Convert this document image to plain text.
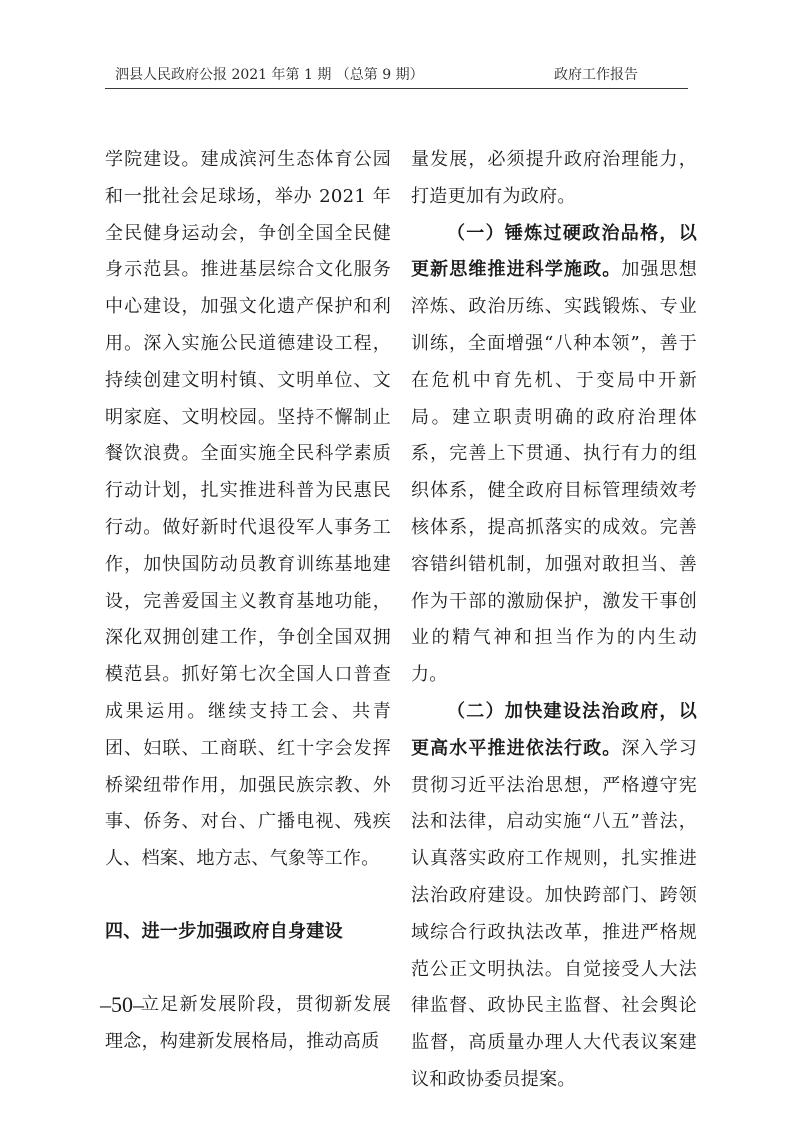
泗县人民政府公报 2021 年第 1 期 （总第 9 期）	政府工作报告

学院建设。建成滨河生态体育公园和一批社会足球场，举办 2021 年全民健身运动会，争创全国全民健身示范县。推进基层综合文化服务中心建设，加强文化遗产保护和利用。深入实施公民道德建设工程，持续创建文明村镇、文明单位、文明家庭、文明校园。坚持不懈制止餐饮浪费。全面实施全民科学素质行动计划，扎实推进科普为民惠民行动。做好新时代退役军人事务工作，加快国防动员教育训练基地建设，完善爱国主义教育基地功能，深化双拥创建工作，争创全国双拥模范县。抓好第七次全国人口普查成果运用。继续支持工会、共青团、妇联、工商联、红十字会发挥桥梁纽带作用，加强民族宗教、外事、侨务、对台、广播电视、残疾人、档案、地方志、气象等工作。

四、进一步加强政府自身建设

立足新发展阶段，贯彻新发展理念，构建新发展格局，推动高质

量发展，必须提升政府治理能力，打造更加有为政府。

（一）锤炼过硬政治品格，以更新思维推进科学施政。加强思想淬炼、政治历练、实践锻炼、专业训练，全面增强“八种本领”，善于在危机中育先机、于变局中开新局。建立职责明确的政府治理体系，完善上下贯通、执行有力的组织体系，健全政府目标管理绩效考核体系，提高抓落实的成效。完善容错纠错机制，加强对敢担当、善作为干部的激励保护，激发干事创业的精气神和担当作为的内生动力。

（二）加快建设法治政府，以更高水平推进依法行政。深入学习贯彻习近平法治思想，严格遵守宪法和法律，启动实施“八五”普法，认真落实政府工作规则，扎实推进法治政府建设。加快跨部门、跨领域综合行政执法改革，推进严格规范公正文明执法。自觉接受人大法律监督、政协民主监督、社会舆论监督，高质量办理人大代表议案建议和政协委员提案。

–50–
